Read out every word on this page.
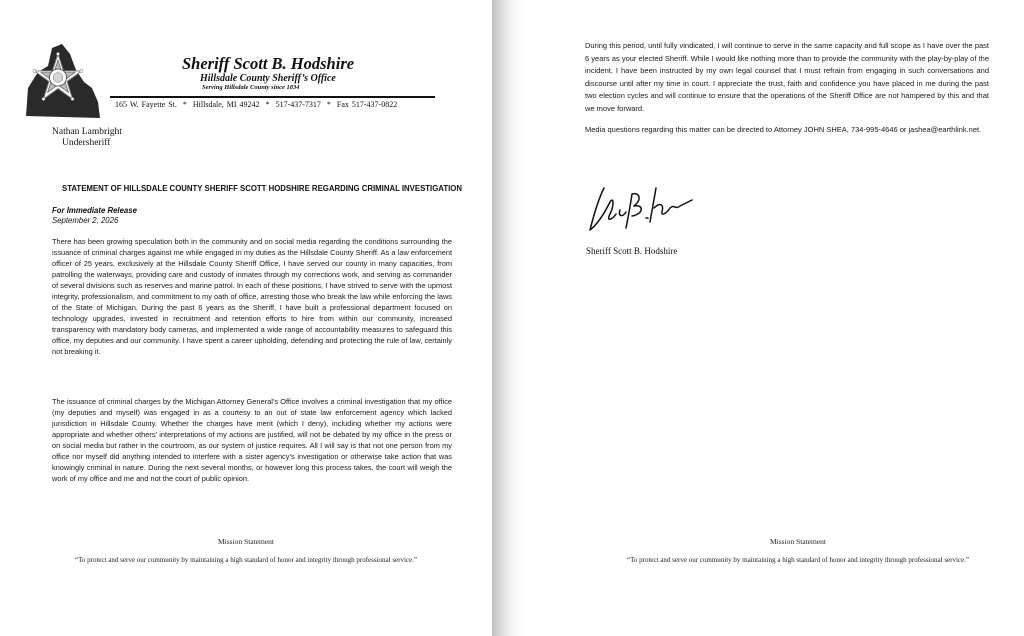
Sheriff Scott B. Hodshire
Hillsdale County Sheriff’s Office
Serving Hillsdale County since 1834
165 W. Fayette St. * Hillsdale, MI 49242 * 517-437-7317 * Fax 517-437-0822
Nathan Lambright
Undersheriff
STATEMENT OF HILLSDALE COUNTY SHERIFF SCOTT HODSHIRE REGARDING CRIMINAL INVESTIGATION
For Immediate Release
September 2, 2026
There has been growing speculation both in the community and on social media regarding the conditions surrounding the issuance of criminal charges against me while engaged in my duties as the Hillsdale County Sheriff. As a law enforcement officer of 25 years, exclusively at the Hillsdale County Sheriff Office, I have served our county in many capacities, from patrolling the waterways, providing care and custody of inmates through my corrections work, and serving as commander of several divisions such as reserves and marine patrol. In each of these positions, I have strived to serve with the upmost integrity, professionalism, and commitment to my oath of office, arresting those who break the law while enforcing the laws of the State of Michigan. During the past 6 years as the Sheriff, I have built a professional department focused on technology upgrades, invested in recruitment and retention efforts to hire from within our community, increased transparency with mandatory body cameras, and implemented a wide range of accountability measures to safeguard this office, my deputies and our community. I have spent a career upholding, defending and protecting the rule of law, certainly not breaking it.
The issuance of criminal charges by the Michigan Attorney General’s Office involves a criminal investigation that my office (my deputies and myself) was engaged in as a courtesy to an out of state law enforcement agency which lacked jurisdiction in Hillsdale County. Whether the charges have merit (which I deny), including whether my actions were appropriate and whether others’ interpretations of my actions are justified, will not be debated by my office in the press or on social media but rather in the courtroom, as our system of justice requires. All I will say is that not one person from my office nor myself did anything intended to interfere with a sister agency’s investigation or otherwise take action that was knowingly criminal in nature. During the next several months, or however long this process takes, the court will weigh the work of my office and me and not the court of public opinion.
Mission Statement
“To protect and serve our community by maintaining a high standard of honor and integrity through professional service.”
During this period, until fully vindicated, I will continue to serve in the same capacity and full scope as I have over the past 6 years as your elected Sheriff. While I would like nothing more than to provide the community with the play-by-play of the incident, I have been instructed by my own legal counsel that I must refrain from engaging in such conversations and discourse until after my time in court. I appreciate the trust, faith and confidence you have placed in me during the past two election cycles and will continue to ensure that the operations of the Sheriff Office are not hampered by this and that we move forward.
Media questions regarding this matter can be directed to Attorney JOHN SHEA, 734-995-4646 or jashea@earthlink.net.
Sheriff Scott B. Hodshire
Mission Statement
“To protect and serve our community by maintaining a high standard of honor and integrity through professional service.”
